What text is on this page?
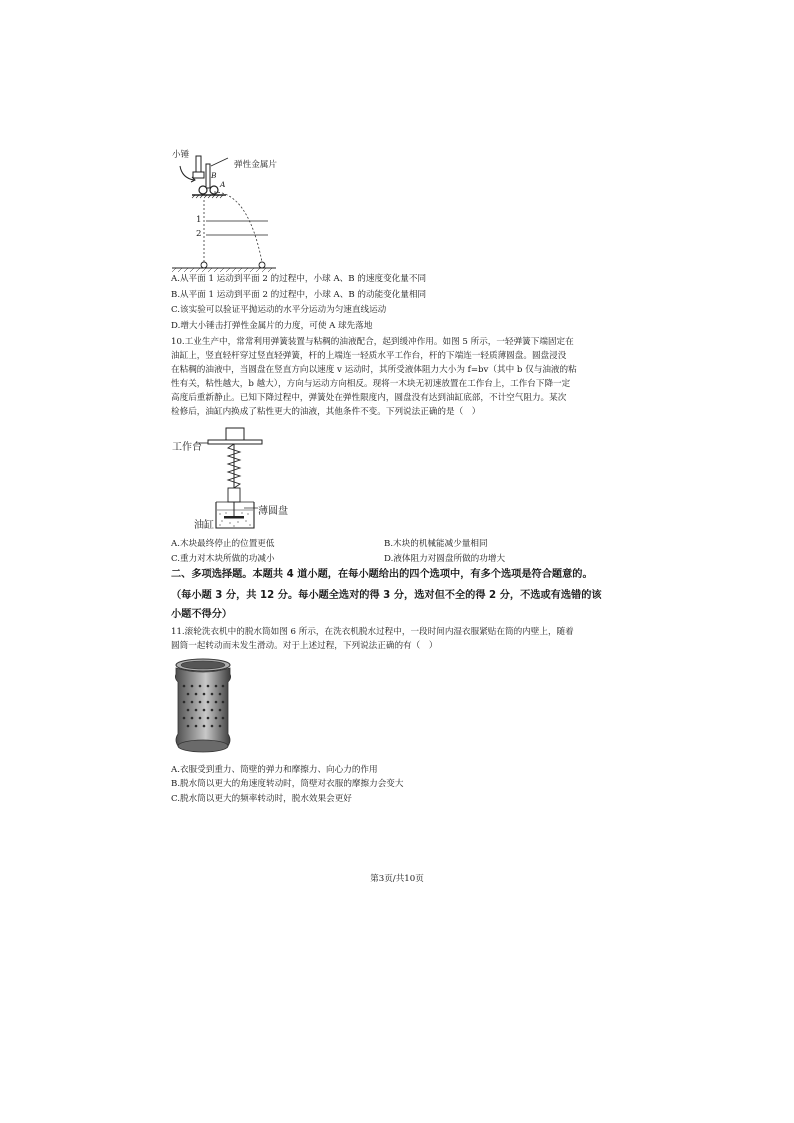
小锤
弹性金属片
B
A
1
2
A.从平面 1 运动到平面 2 的过程中，小球 A、B 的速度变化量不同
B.从平面 1 运动到平面 2 的过程中，小球 A、B 的动能变化量相同
C.该实验可以验证平抛运动的水平分运动为匀速直线运动
D.增大小锤击打弹性金属片的力度，可使 A 球先落地
10.工业生产中，常常利用弹簧装置与粘稠的油液配合，起到缓冲作用。如图 5 所示，一轻弹簧下端固定在
油缸上，竖直轻杆穿过竖直轻弹簧，杆的上端连一轻质水平工作台，杆的下端连一轻质薄圆盘。圆盘浸没
在粘稠的油液中，当圆盘在竖直方向以速度 v 运动时，其所受液体阻力大小为 f=bv（其中 b 仅与油液的粘
性有关，粘性越大，b 越大），方向与运动方向相反。现将一木块无初速放置在工作台上，工作台下降一定
高度后重新静止。已知下降过程中，弹簧处在弹性限度内，圆盘没有达到油缸底部，不计空气阻力。某次
检修后，油缸内换成了粘性更大的油液，其他条件不变。下列说法正确的是（　）
工作台
薄圆盘
油缸
A.木块最终停止的位置更低	B.木块的机械能减少量相同
C.重力对木块所做的功减小	D.液体阻力对圆盘所做的功增大
二、多项选择题。本题共 4 道小题，在每小题给出的四个选项中，有多个选项是符合题意的。
（每小题 3 分，共 12 分。每小题全选对的得 3 分，选对但不全的得 2 分，不选或有选错的该
小题不得分）
11.滚轮洗衣机中的脱水筒如图 6 所示，在洗衣机脱水过程中，一段时间内湿衣服紧贴在筒的内壁上，随着
圆筒一起转动而未发生滑动。对于上述过程，下列说法正确的有（　）
A.衣服受到重力、筒壁的弹力和摩擦力、向心力的作用
B.脱水筒以更大的角速度转动时，筒壁对衣服的摩擦力会变大
C.脱水筒以更大的频率转动时，脱水效果会更好
第3页/共10页
